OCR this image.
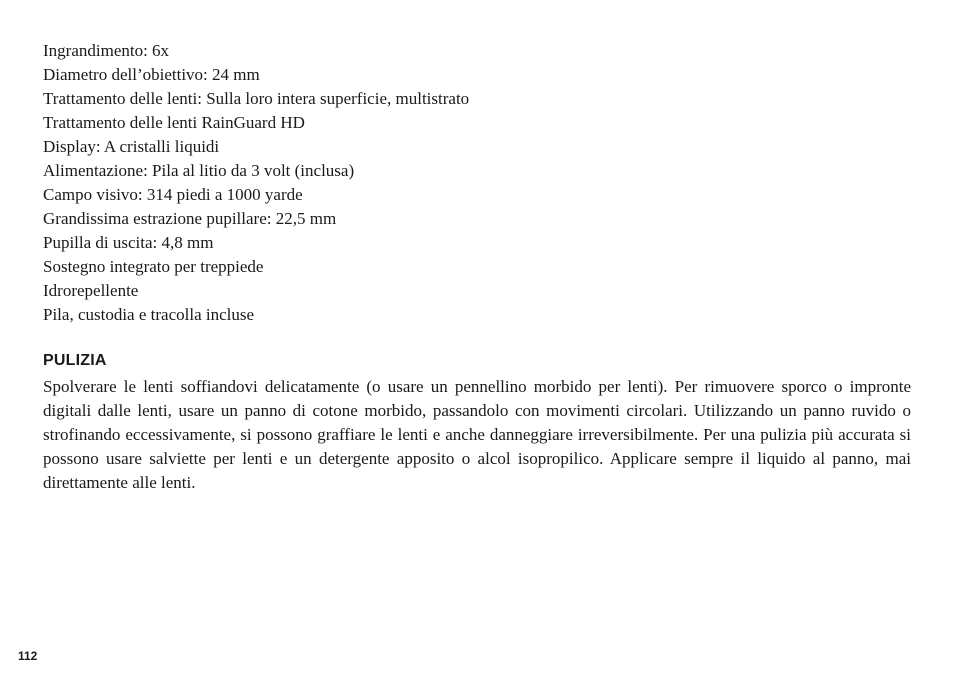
Ingrandimento: 6x
Diametro dell’obiettivo: 24 mm
Trattamento delle lenti: Sulla loro intera superficie, multistrato
Trattamento delle lenti RainGuard HD
Display: A cristalli liquidi
Alimentazione: Pila al litio da 3 volt (inclusa)
Campo visivo: 314 piedi a 1000 yarde
Grandissima estrazione pupillare: 22,5 mm
Pupilla di uscita: 4,8 mm
Sostegno integrato per treppiede
Idrorepellente
Pila, custodia e tracolla incluse
PULIZIA

Spolverare le lenti soffiandovi delicatamente (o usare un pennellino morbido per lenti). Per rimuovere sporco o impronte digitali dalle lenti, usare un panno di cotone morbido, passandolo con movimenti circolari. Utilizzando un panno ruvido o strofinando eccessivamente, si possono graffiare le lenti e anche danneggiare irreversibilmente. Per una pulizia più accurata si possono usare salviette per lenti e un detergente apposito o alcol isopropilico. Applicare sempre il liquido al panno, mai direttamente alle lenti.

112
